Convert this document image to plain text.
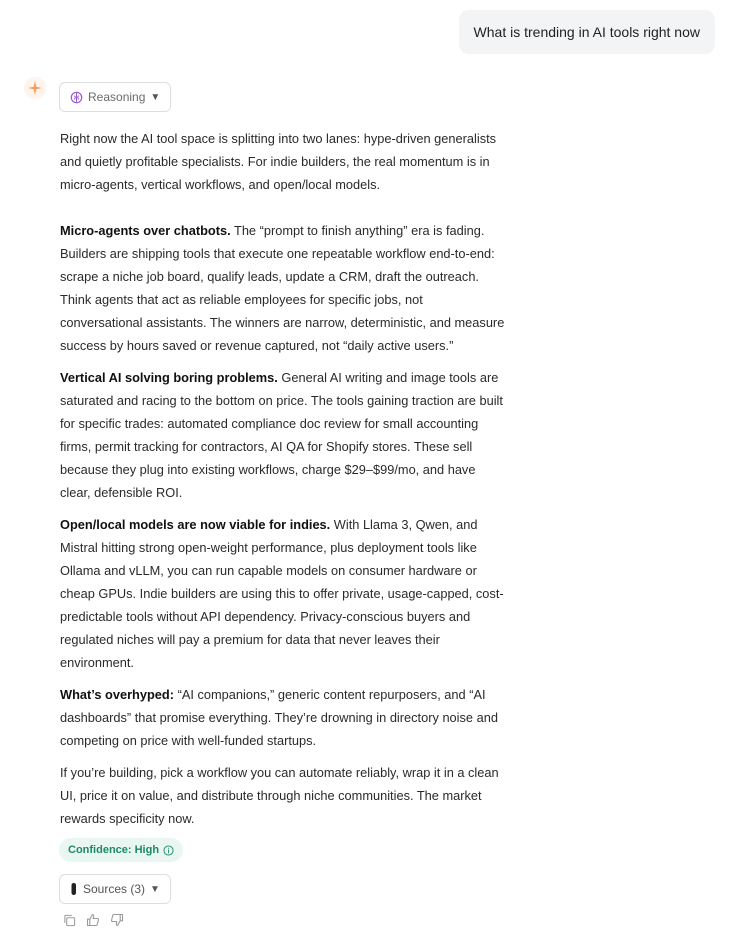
What is trending in AI tools right now
Reasoning ▼

Right now the AI tool space is splitting into two lanes: hype-driven generalists and quietly profitable specialists. For indie builders, the real momentum is in micro-agents, vertical workflows, and open/local models.

Micro-agents over chatbots. The “prompt to finish anything” era is fading. Builders are shipping tools that execute one repeatable workflow end-to-end: scrape a niche job board, qualify leads, update a CRM, draft the outreach. Think agents that act as reliable employees for specific jobs, not conversational assistants. The winners are narrow, deterministic, and measure success by hours saved or revenue captured, not “daily active users.”

Vertical AI solving boring problems. General AI writing and image tools are saturated and racing to the bottom on price. The tools gaining traction are built for specific trades: automated compliance doc review for small accounting firms, permit tracking for contractors, AI QA for Shopify stores. These sell because they plug into existing workflows, charge $29–$99/mo, and have clear, defensible ROI.

Open/local models are now viable for indies. With Llama 3, Qwen, and Mistral hitting strong open-weight performance, plus deployment tools like Ollama and vLLM, you can run capable models on consumer hardware or cheap GPUs. Indie builders are using this to offer private, usage-capped, cost-predictable tools without API dependency. Privacy-conscious buyers and regulated niches will pay a premium for data that never leaves their environment.

What’s overhyped: “AI companions,” generic content repurposers, and “AI dashboards” that promise everything. They’re drowning in directory noise and competing on price with well-funded startups.

If you’re building, pick a workflow you can automate reliably, wrap it in a clean UI, price it on value, and distribute through niche communities. The market rewards specificity now.

Confidence: High
Sources (3) ▼
